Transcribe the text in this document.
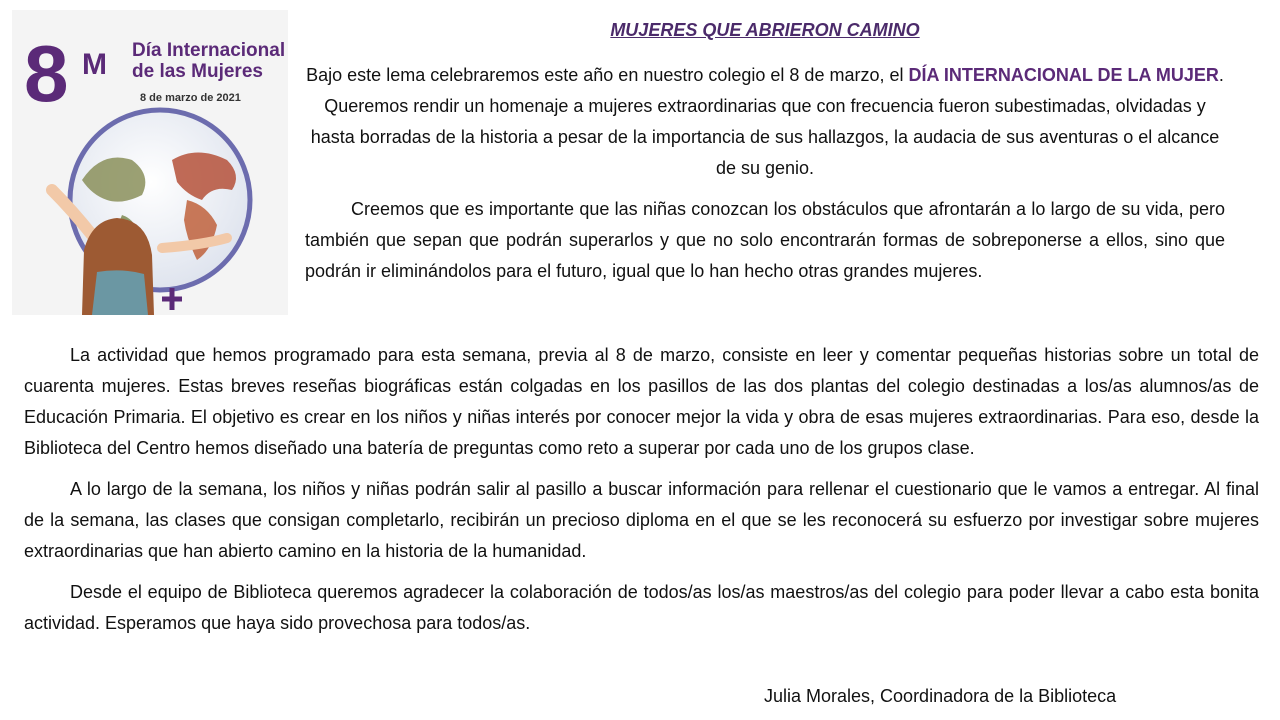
8 M Día Internacional
de las Mujeres
8 de marzo de 2021
MUJERES QUE ABRIERON CAMINO
Bajo este lema celebraremos este año en nuestro colegio el 8 de marzo, el DÍA INTERNACIONAL DE LA MUJER. Queremos rendir un homenaje a mujeres extraordinarias que con frecuencia fueron subestimadas, olvidadas y hasta borradas de la historia a pesar de la importancia de sus hallazgos, la audacia de sus aventuras o el alcance de su genio.
Creemos que es importante que las niñas conozcan los obstáculos que afrontarán a lo largo de su vida, pero también que sepan que podrán superarlos y que no solo encontrarán formas de sobreponerse a ellos, sino que podrán ir eliminándolos para el futuro, igual que lo han hecho otras grandes mujeres.

La actividad que hemos programado para esta semana, previa al 8 de marzo, consiste en leer y comentar pequeñas historias sobre un total de cuarenta mujeres. Estas breves reseñas biográficas están colgadas en los pasillos de las dos plantas del colegio destinadas a los/as alumnos/as de Educación Primaria. El objetivo es crear en los niños y niñas interés por conocer mejor la vida y obra de esas mujeres extraordinarias. Para eso, desde la Biblioteca del Centro hemos diseñado una batería de preguntas como reto a superar por cada uno de los grupos clase.

A lo largo de la semana, los niños y niñas podrán salir al pasillo a buscar información para rellenar el cuestionario que le vamos a entregar. Al final de la semana, las clases que consigan completarlo, recibirán un precioso diploma en el que se les reconocerá su esfuerzo por investigar sobre mujeres extraordinarias que han abierto camino en la historia de la humanidad.

Desde el equipo de Biblioteca queremos agradecer la colaboración de todos/as los/as maestros/as del colegio para poder llevar a cabo esta bonita actividad. Esperamos que haya sido provechosa para todos/as.

Julia Morales, Coordinadora de la Biblioteca
